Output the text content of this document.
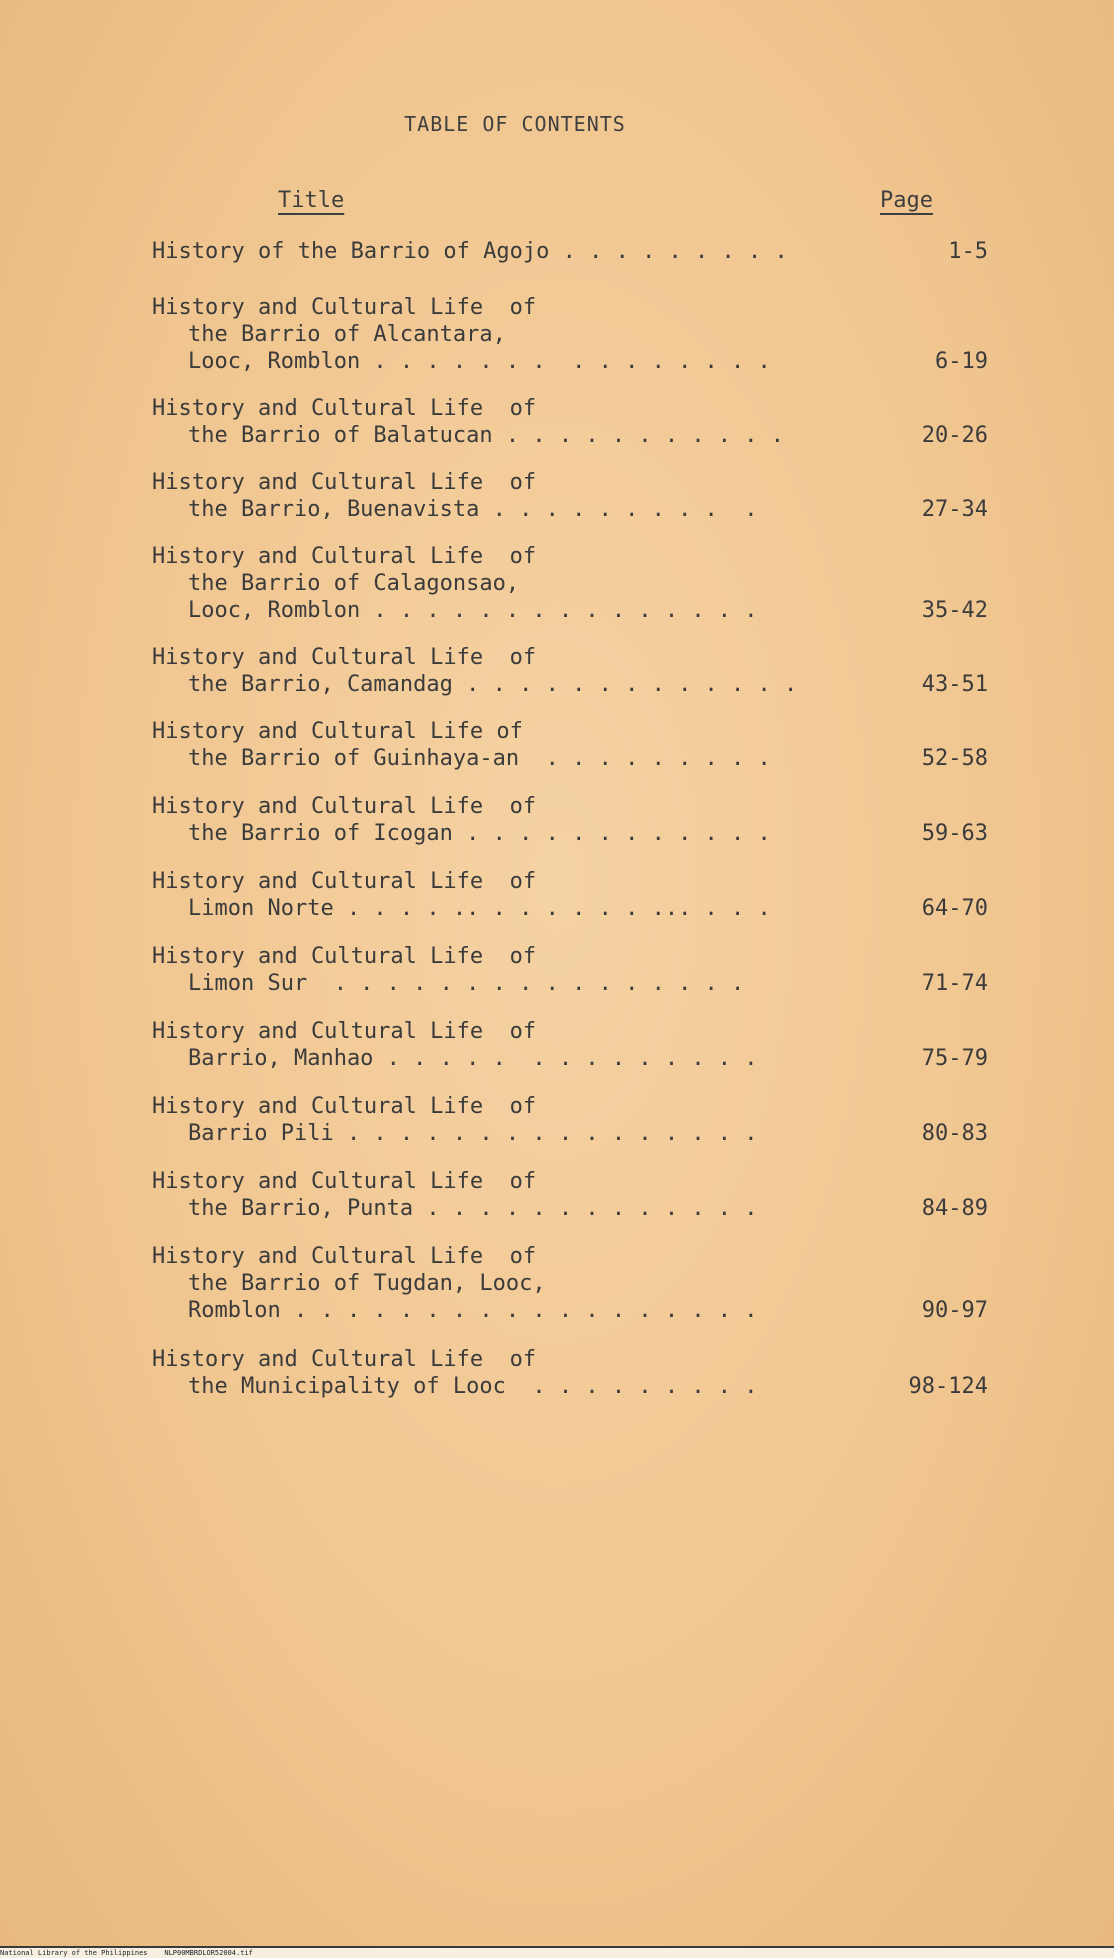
TABLE OF CONTENTS
Title	Page
History of the Barrio of Agojo . . . . . . . . .	1-5
History and Cultural Life  of
the Barrio of Alcantara,
Looc, Romblon . . . . . . .  . . . . . . . .	6-19
History and Cultural Life  of
the Barrio of Balatucan . . . . . . . . . . .	20-26
History and Cultural Life  of
the Barrio, Buenavista . . . . . . . . .  .	27-34
History and Cultural Life  of
the Barrio of Calagonsao,
Looc, Romblon . . . . . . . . . . . . . . .	35-42
History and Cultural Life  of
the Barrio, Camandag . . . . . . . . . . . . .	43-51
History and Cultural Life of
the Barrio of Guinhaya-an  . . . . . . . . .	52-58
History and Cultural Life  of
the Barrio of Icogan . . . . . . . . . . . .	59-63
History and Cultural Life  of
Limon Norte . . . . .. . . . . . . ... . . .	64-70
History and Cultural Life  of
Limon Sur  . . . . . . . . . . . . . . . .	71-74
History and Cultural Life  of
Barrio, Manhao . . . . .  . . . . . . . . .	75-79
History and Cultural Life  of
Barrio Pili . . . . . . . . . . . . . . . .	80-83
History and Cultural Life  of
the Barrio, Punta . . . . . . . . . . . . .	84-89
History and Cultural Life  of
the Barrio of Tugdan, Looc,
Romblon . . . . . . . . . . . . . . . . . .	90-97
History and Cultural Life  of
the Municipality of Looc  . . . . . . . . .	98-124
National Library of the Philippines    NLP00MBRDLOR52004.tif
